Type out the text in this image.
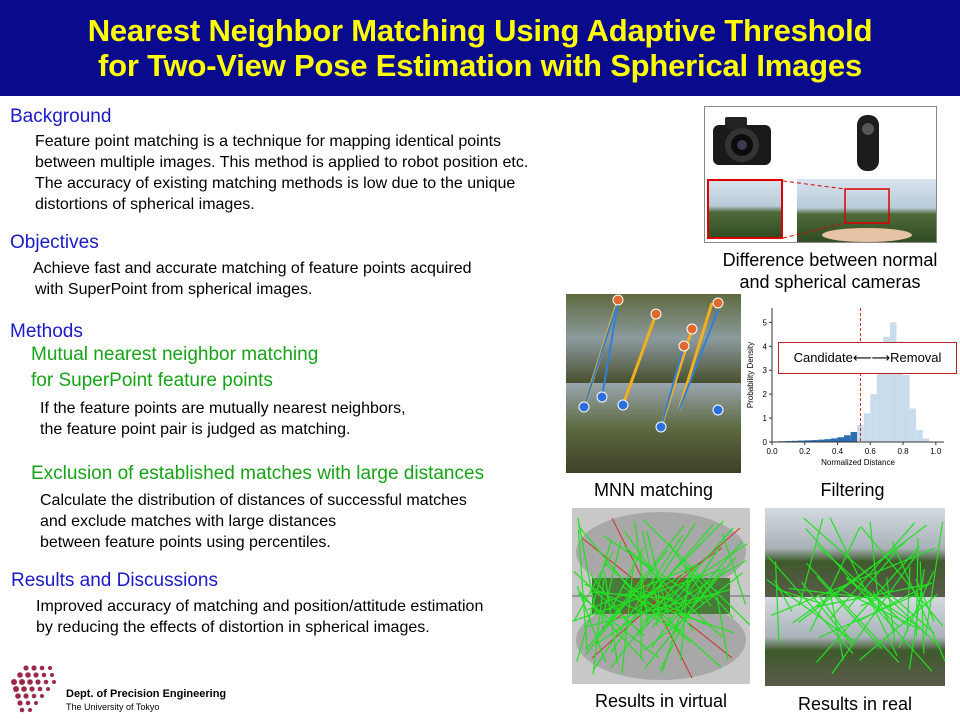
Nearest Neighbor Matching Using Adaptive Threshold
for Two-View Pose Estimation with Spherical Images
Background
Feature point matching is a technique for mapping identical points
between multiple images. This method is applied to robot position etc.
The accuracy of existing matching methods is low due to the unique
distortions of spherical images.
Objectives
Achieve fast and accurate matching of feature points acquired
with SuperPoint from spherical images.
Methods
Mutual nearest neighbor matching
for SuperPoint feature points
If the feature points are mutually nearest neighbors,
the feature point pair is judged as matching.
Exclusion of established matches with large distances
Calculate the distribution of distances of successful matches
and exclude matches with large distances
between feature points using percentiles.
Results and Discussions
Improved accuracy of matching and position/attitude estimation
by reducing the effects of distortion in spherical images.
Dept. of Precision Engineering
The University of Tokyo
Difference between normal
and spherical cameras
MNN matching
0.0	0.2	0.4	0.6	0.8	1.0
0
1
2
3
4
5
Normalized Distance
Probability Density	Candidate⟵⟶Removal
Filtering
Results in virtual	Results in real
